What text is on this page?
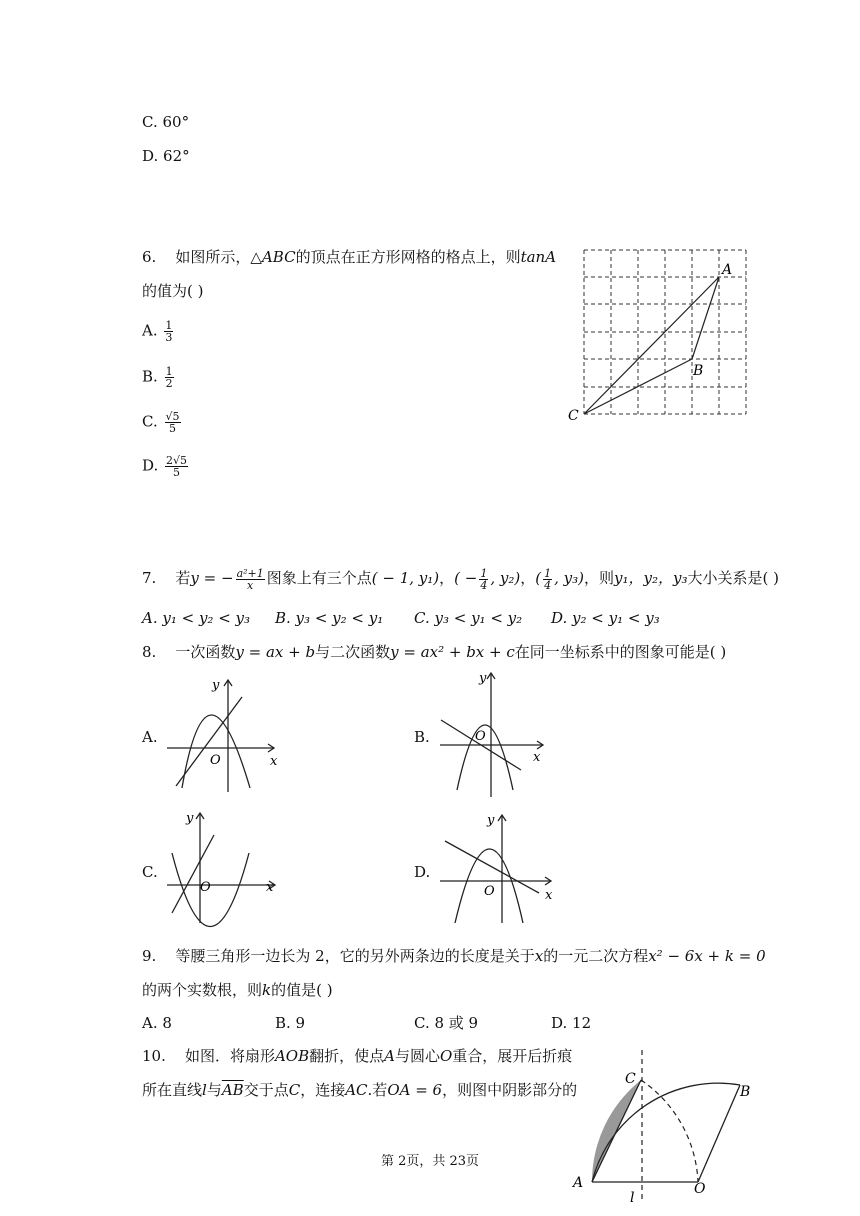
C. 60°
D. 62°
6. 如图所示，△ABC的顶点在正方形网格的格点上，则tanA
的值为( )
A. $\frac{1}{3}$
B. $\frac{1}{2}$
C. $\frac{√5}{5}$
D. $\frac{2√5}{5}$
A
B
C
7. 若y = − $\frac{\text{a²+1}}{x}$ 图象上有三个点( − 1, y₁)，( − $\frac{1}{4}$ , y₂)，( $\frac{1}{4}$ , y₃)，则y₁，y₂，y₃大小关系是( )
A. y₁ < y₂ < y₃ B. y₃ < y₂ < y₁ C. y₃ < y₁ < y₂ D. y₂ < y₁ < y₃
8. 一次函数y = ax + b与二次函数y = ax² + bx + c在同一坐标系中的图象可能是( )
A.	B.
C.	D.
y
x
O
y
x
O
y
x
O
y
x
O
9. 等腰三角形一边长为 2，它的另外两条边的长度是关于x的一元二次方程x² − 6x + k = 0
的两个实数根，则k的值是( )
A. 8	B. 9	C. 8 或 9	D. 12
10. 如图．将扇形AOB翻折，使点A与圆心O重合，展开后折痕
所在直线l与$\overline{AB}$交于点C，连接AC.若OA = 6，则图中阴影部分的
A
B
C
O
l
第 2页，共 23页
